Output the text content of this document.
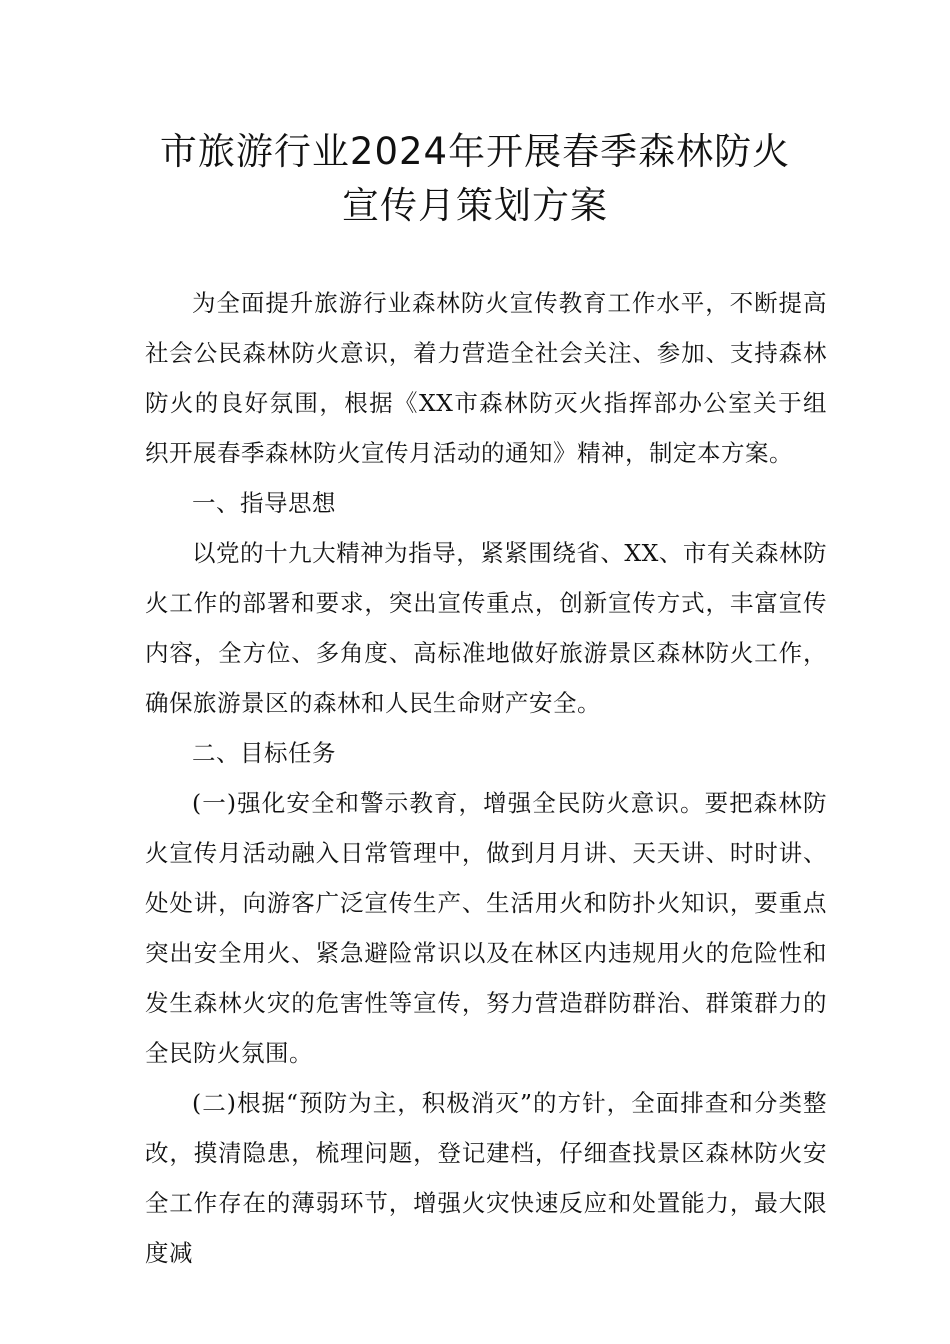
市旅游行业2024年开展春季森林防火
宣传月策划方案

为全面提升旅游行业森林防火宣传教育工作水平，不断提高社会公民森林防火意识，着力营造全社会关注、参加、支持森林防火的良好氛围，根据《XX市森林防灭火指挥部办公室关于组织开展春季森林防火宣传月活动的通知》精神，制定本方案。

一、指导思想

以党的十九大精神为指导，紧紧围绕省、XX、市有关森林防火工作的部署和要求，突出宣传重点，创新宣传方式，丰富宣传内容，全方位、多角度、高标准地做好旅游景区森林防火工作，确保旅游景区的森林和人民生命财产安全。

二、目标任务

(一)强化安全和警示教育，增强全民防火意识。要把森林防火宣传月活动融入日常管理中，做到月月讲、天天讲、时时讲、处处讲，向游客广泛宣传生产、生活用火和防扑火知识，要重点突出安全用火、紧急避险常识以及在林区内违规用火的危险性和发生森林火灾的危害性等宣传，努力营造群防群治、群策群力的全民防火氛围。

(二)根据“预防为主，积极消灭”的方针，全面排查和分类整改，摸清隐患，梳理问题，登记建档，仔细查找景区森林防火安全工作存在的薄弱环节，增强火灾快速反应和处置能力，最大限度减
